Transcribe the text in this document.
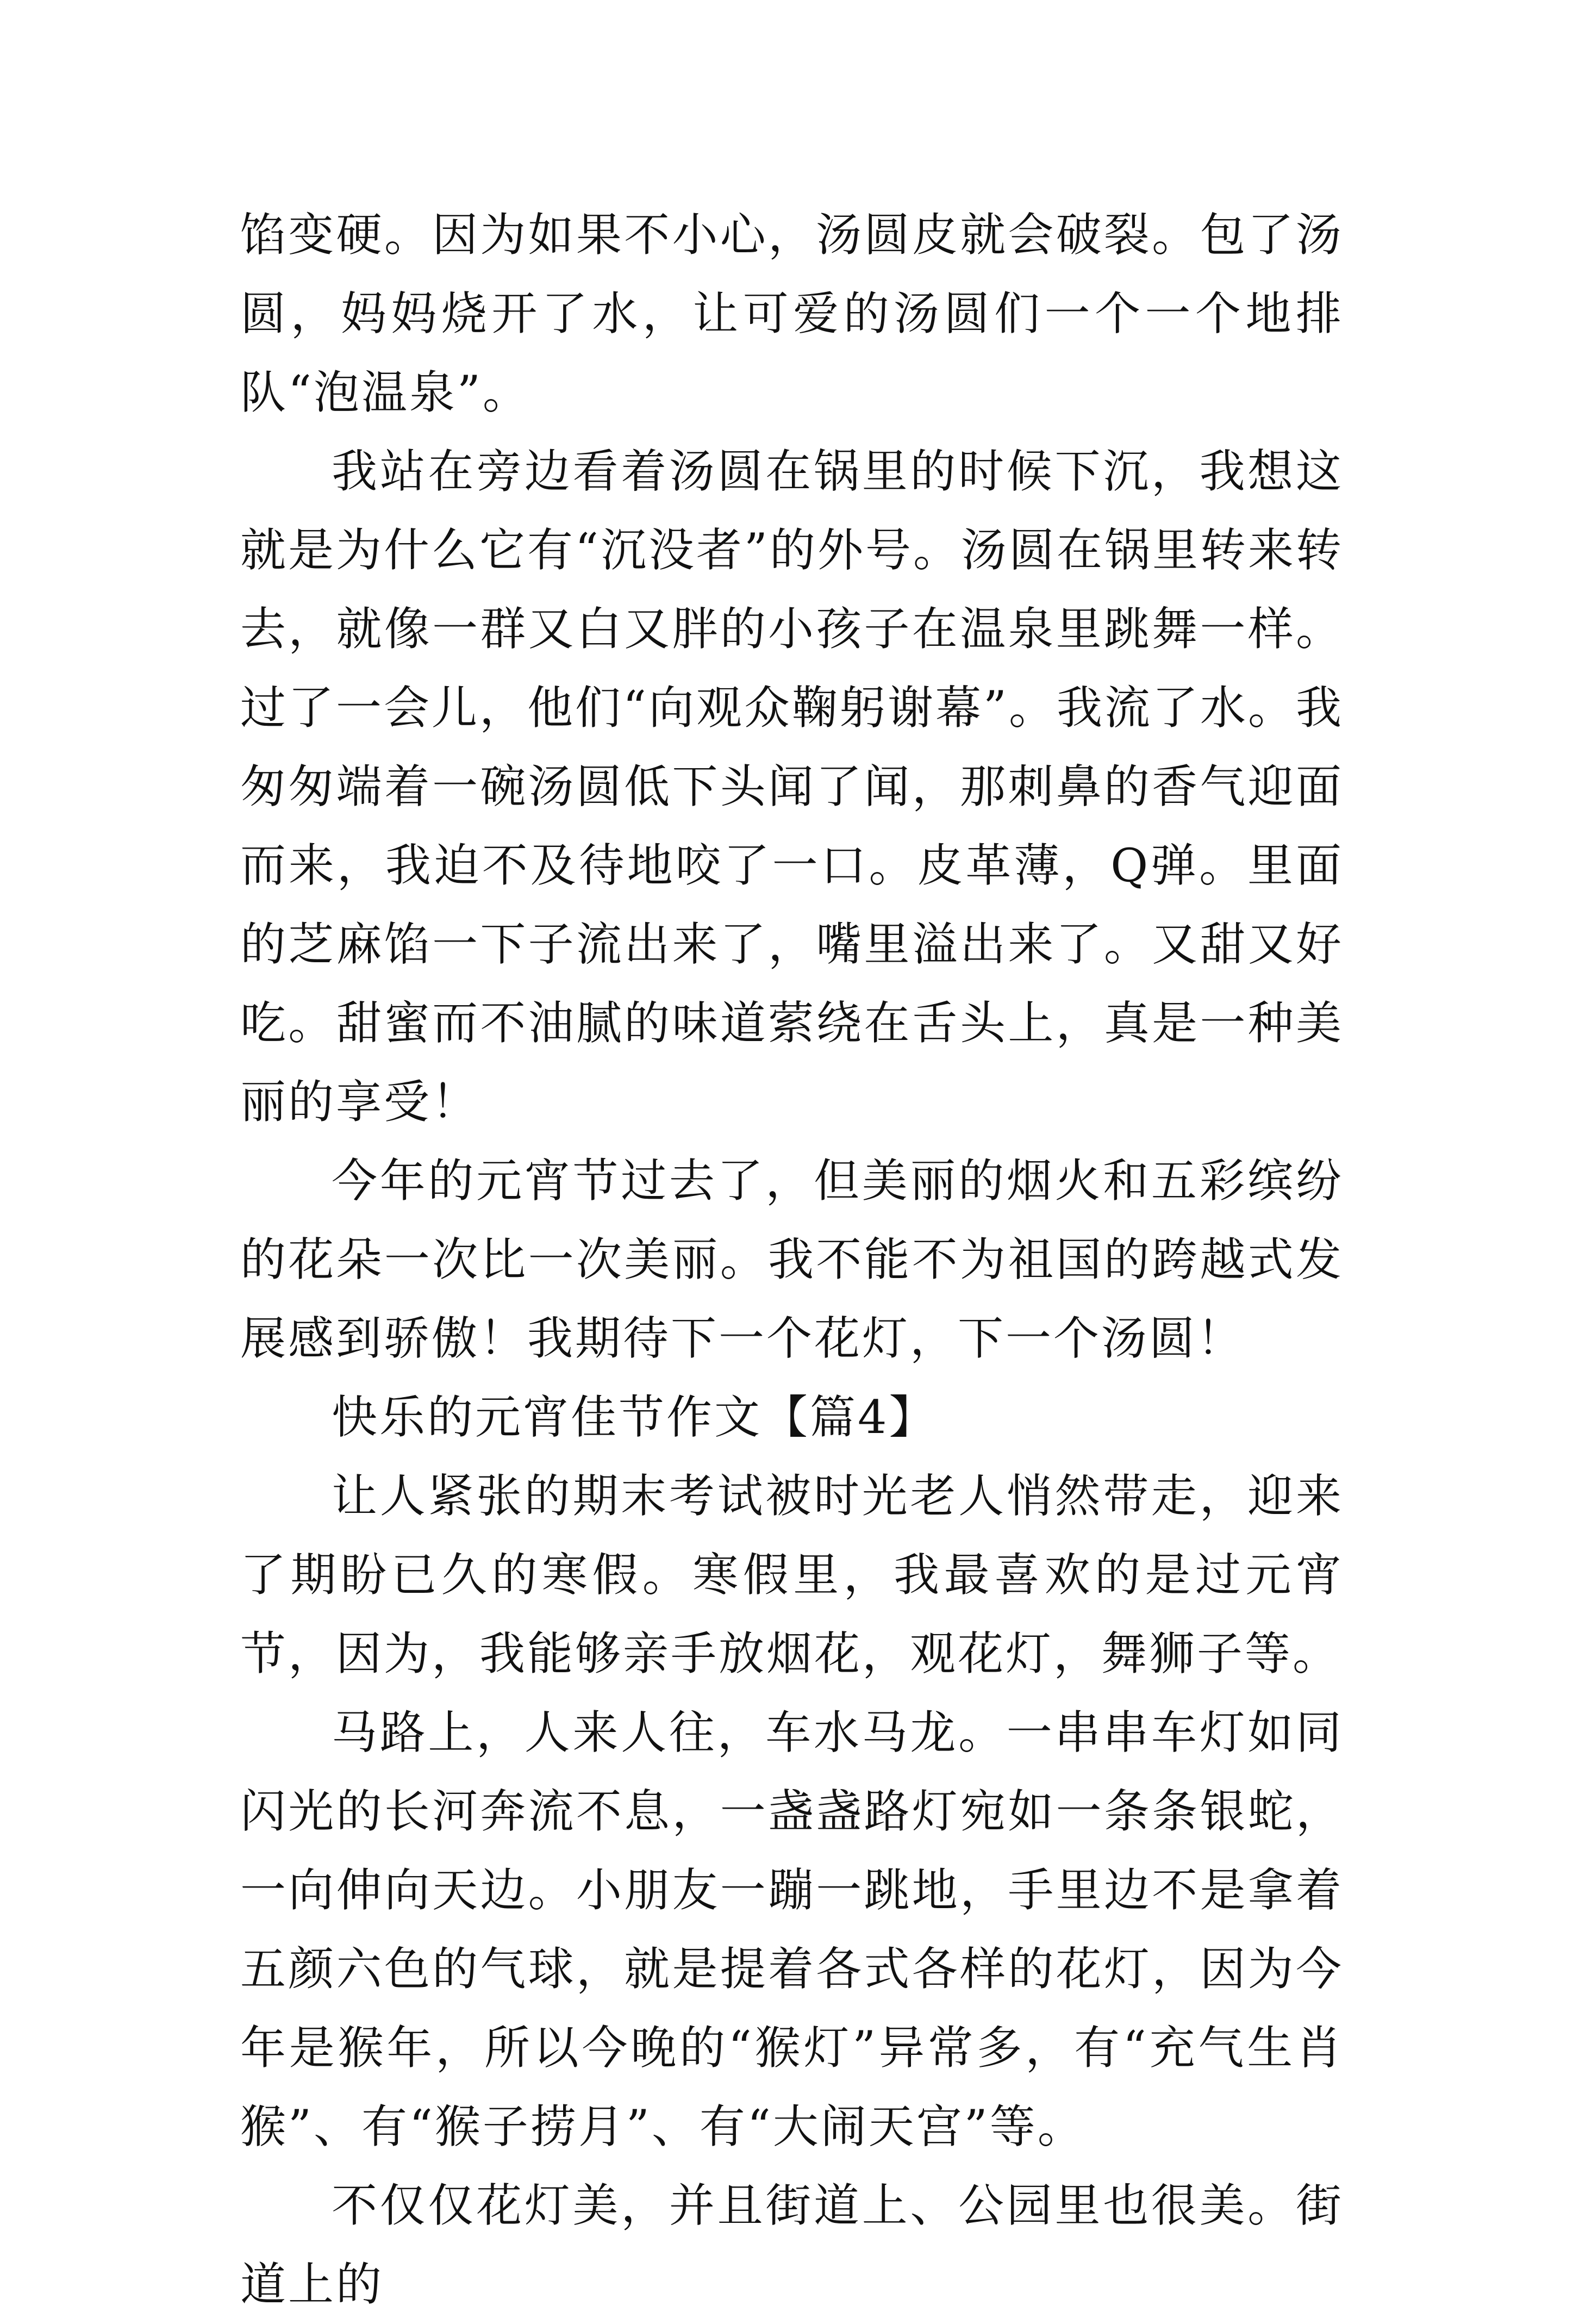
馅变硬。因为如果不小心，汤圆皮就会破裂。包了汤圆，妈妈烧开了水，让可爱的汤圆们一个一个地排队“泡温泉”。

我站在旁边看着汤圆在锅里的时候下沉，我想这就是为什么它有“沉没者”的外号。汤圆在锅里转来转去，就像一群又白又胖的小孩子在温泉里跳舞一样。过了一会儿，他们“向观众鞠躬谢幕”。我流了水。我匆匆端着一碗汤圆低下头闻了闻，那刺鼻的香气迎面而来，我迫不及待地咬了一口。皮革薄，Q弹。里面的芝麻馅一下子流出来了，嘴里溢出来了。又甜又好吃。甜蜜而不油腻的味道萦绕在舌头上，真是一种美丽的享受！

今年的元宵节过去了，但美丽的烟火和五彩缤纷的花朵一次比一次美丽。我不能不为祖国的跨越式发展感到骄傲！我期待下一个花灯，下一个汤圆！

快乐的元宵佳节作文【篇4】

让人紧张的期末考试被时光老人悄然带走，迎来了期盼已久的寒假。寒假里，我最喜欢的是过元宵节，因为，我能够亲手放烟花，观花灯，舞狮子等。

马路上，人来人往，车水马龙。一串串车灯如同闪光的长河奔流不息，一盏盏路灯宛如一条条银蛇，一向伸向天边。小朋友一蹦一跳地，手里边不是拿着五颜六色的气球，就是提着各式各样的花灯，因为今年是猴年，所以今晚的“猴灯”异常多，有“充气生肖猴”、有“猴子捞月”、有“大闹天宫”等。

不仅仅花灯美，并且街道上、公园里也很美。街道上的
